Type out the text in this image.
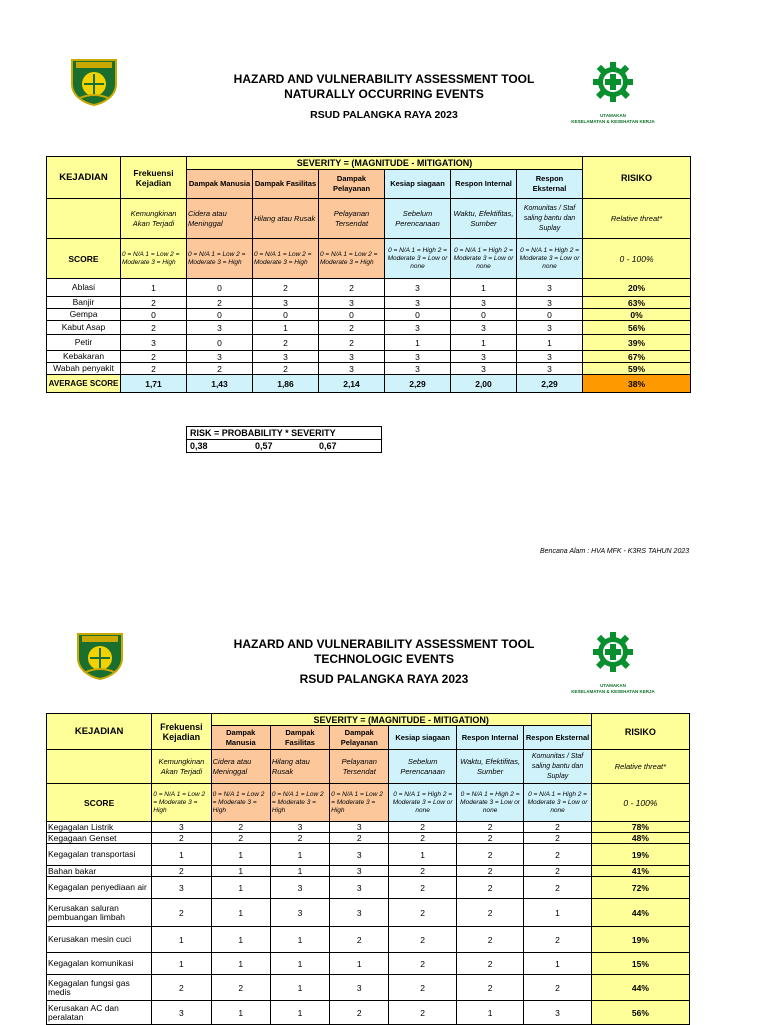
HAZARD AND VULNERABILITY ASSESSMENT TOOL
NATURALLY OCCURRING EVENTS
RSUD PALANGKA RAYA 2023	UTAMAKAN
KESELAMATAN & KESEHATAN KERJA
KEJADIAN	Frekuensi Kejadian	SEVERITY = (MAGNITUDE - MITIGATION)						RISIKO
		Dampak Manusia	Dampak Fasilitas	Dampak Pelayanan	Kesiap siagaan	Respon Internal	Respon Eksternal	
	Kemungkinan Akan Terjadi	Cidera atau Meninggal	Hilang atau Rusak	Pelayanan Tersendat	Sebelum Perencanaan	Waktu, Efektifitas, Sumber	Komunitas / Staf saling bantu dan Suplay	Relative threat*
SCORE	0 = N/A 1 = Low 2 = Moderate 3 = High	0 = N/A 1 = Low 2 = Moderate 3 = High	0 = N/A 1 = Low 2 = Moderate 3 = High	0 = N/A 1 = Low 2 = Moderate 3 = High	0 = N/A 1 = High 2 = Moderate 3 = Low or none	0 = N/A 1 = High 2 = Moderate 3 = Low or none	0 = N/A 1 = High 2 = Moderate 3 = Low or none	0 - 100%
Ablasi	1	0	2	2	3	1	3	20%
Banjir	2	2	3	3	3	3	3	63%
Gempa	0	0	0	0	0	0	0	0%
Kabut Asap	2	3	1	2	3	3	3	56%
Petir	3	0	2	2	1	1	1	39%
Kebakaran	2	3	3	3	3	3	3	67%
Wabah penyakit	2	2	2	3	3	3	3	59%
AVERAGE SCORE	1,71	1,43	1,86	2,14	2,29	2,00	2,29	38%
RISK = PROBABILITY * SEVERITY
0,38	0,57	0,67
Bencana Alam : HVA MFK - K3RS TAHUN 2023
HAZARD AND VULNERABILITY ASSESSMENT TOOL
TECHNOLOGIC EVENTS
RSUD PALANGKA RAYA 2023	UTAMAKAN
KESELAMATAN & KESEHATAN KERJA
KEJADIAN	Frekuensi Kejadian	SEVERITY = (MAGNITUDE - MITIGATION)						RISIKO
		Dampak Manusia	Dampak Fasilitas	Dampak Pelayanan	Kesiap siagaan	Respon Internal	Respon Eksternal	
	Kemungkinan Akan Terjadi	Cidera atau Meninggal	Hilang atau Rusak	Pelayanan Tersendat	Sebelum Perencanaan	Waktu, Efektifitas, Sumber	Komunitas / Staf saling bantu dan Suplay	Relative threat*
SCORE	0 = N/A 1 = Low 2 = Moderate 3 = High	0 = N/A 1 = Low 2 = Moderate 3 = High	0 = N/A 1 = Low 2 = Moderate 3 = High	0 = N/A 1 = Low 2 = Moderate 3 = High	0 = N/A 1 = High 2 = Moderate 3 = Low or none	0 = N/A 1 = High 2 = Moderate 3 = Low or none	0 = N/A 1 = High 2 = Moderate 3 = Low or none	0 - 100%
Kegagalan Listrik	3	2	3	3	2	2	2	78%
Kegagaan Genset	2	2	2	2	2	2	2	48%
Kegagalan transportasi	1	1	1	3	1	2	2	19%
Bahan bakar	2	1	1	3	2	2	2	41%
Kegagalan penyediaan air	3	1	3	3	2	2	2	72%
Kerusakan saluran pembuangan limbah	2	1	3	3	2	2	1	44%
Kerusakan mesin cuci	1	1	1	2	2	2	2	19%
Kegagalan komunikasi	1	1	1	1	2	2	1	15%
Kegagalan fungsi gas medis	2	2	1	3	2	2	2	44%
Kerusakan AC dan peralatan	3	1	1	2	2	1	3	56%
